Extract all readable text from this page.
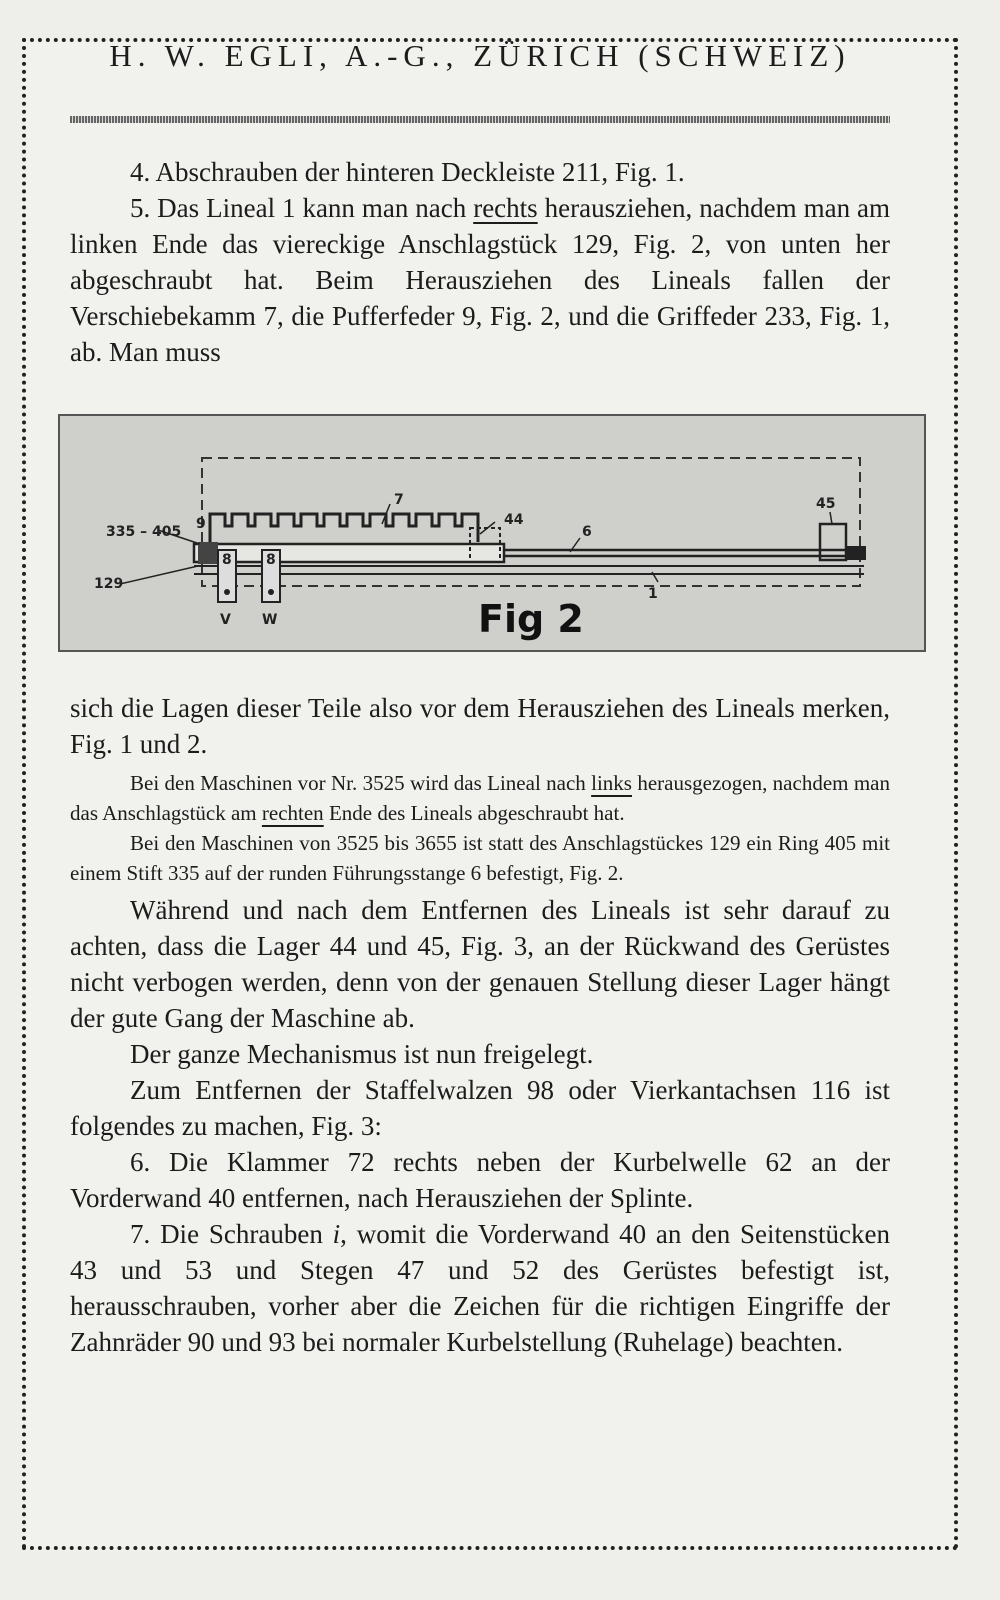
H. W. EGLI, A.-G., ZÜRICH (SCHWEIZ)

4. Abschrauben der hinteren Deckleiste 211, Fig. 1.

5. Das Lineal 1 kann man nach rechts herausziehen, nachdem man am linken Ende das viereckige Anschlagstück 129, Fig. 2, von unten her abgeschraubt hat. Beim Herausziehen des Lineals fallen der Verschiebekamm 7, die Pufferfeder 9, Fig. 2, und die Griffeder 233, Fig. 1, ab. Man muss

335 – 405 9
7
44
6
45
129
1
V W
8 8
Fig 2

sich die Lagen dieser Teile also vor dem Herausziehen des Lineals merken, Fig. 1 und 2.

Bei den Maschinen vor Nr. 3525 wird das Lineal nach links herausgezogen, nachdem man das Anschlagstück am rechten Ende des Lineals abgeschraubt hat.

Bei den Maschinen von 3525 bis 3655 ist statt des Anschlagstückes 129 ein Ring 405 mit einem Stift 335 auf der runden Führungsstange 6 befestigt, Fig. 2.

Während und nach dem Entfernen des Lineals ist sehr darauf zu achten, dass die Lager 44 und 45, Fig. 3, an der Rückwand des Gerüstes nicht verbogen werden, denn von der genauen Stellung dieser Lager hängt der gute Gang der Maschine ab.

Der ganze Mechanismus ist nun freigelegt.

Zum Entfernen der Staffelwalzen 98 oder Vierkantachsen 116 ist folgendes zu machen, Fig. 3:

6. Die Klammer 72 rechts neben der Kurbelwelle 62 an der Vorderwand 40 entfernen, nach Herausziehen der Splinte.

7. Die Schrauben i, womit die Vorderwand 40 an den Seitenstücken 43 und 53 und Stegen 47 und 52 des Gerüstes befestigt ist, herausschrauben, vorher aber die Zeichen für die richtigen Eingriffe der Zahnräder 90 und 93 bei normaler Kurbelstellung (Ruhelage) beachten.
